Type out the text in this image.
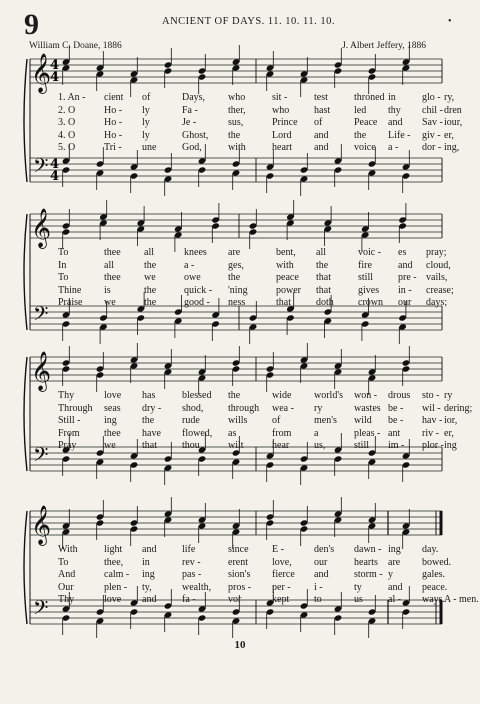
9	ANCIENT OF DAYS. 11. 10. 11. 10.	•
William C. Doane, 1886	J. Albert Jeffery, 1886
𝄞
𝄢
4
4
4
4
𝄞
𝄢
𝄞
𝄢
𝄞
𝄢
1. An - cient of	Days, who	sit -	test	throned in	glo - ry,
2. O	Ho - ly	Fa -	ther,	who hast led thy chil - dren
3. O	Ho - ly	Je -	sus,	Prince of	Peace and Sav - iour,
4. O	Ho - ly	Ghost, the	Lord and	the Life - giv - er,
5. O	Tri - une	God,	with	heart and	voice a - dor - ing,
To	thee all	knees are	bent, all	voic - es pray;
In	all	the	a -	ges,	with the	fire	and cloud,
To	thee we	owe	the	peace that	still pre - vails,
Thine is	the	quick - 'ning	power that	gives in - crease;
Praise we	the	good - ness	that	doth crown our days;
Thy	love has	blessed the	wide world's won - drous sto - ry
Through seas dry - shod, through wea - ry	wastes be - wil - dering;
Still - ing	the	rude	wills of	men's wild be - hav - ior,
From thee have flowed, as	from a	pleas - ant riv - er,
Pray	we	that	thou	wilt	hear us,	still im - plor - ing
With	light and	life	since E -	den's dawn - ing day.
To	thee, in	rev -	erent love, our	hearts are bowed.
And	calm - ing	pas -	sion's fierce and	storm - y	gales.
Our	plen - ty,	wealth, pros - per - i -	ty	and peace.
Thy	love and	fa -	vor	kept to	us	al - ways.
A - men.
10
